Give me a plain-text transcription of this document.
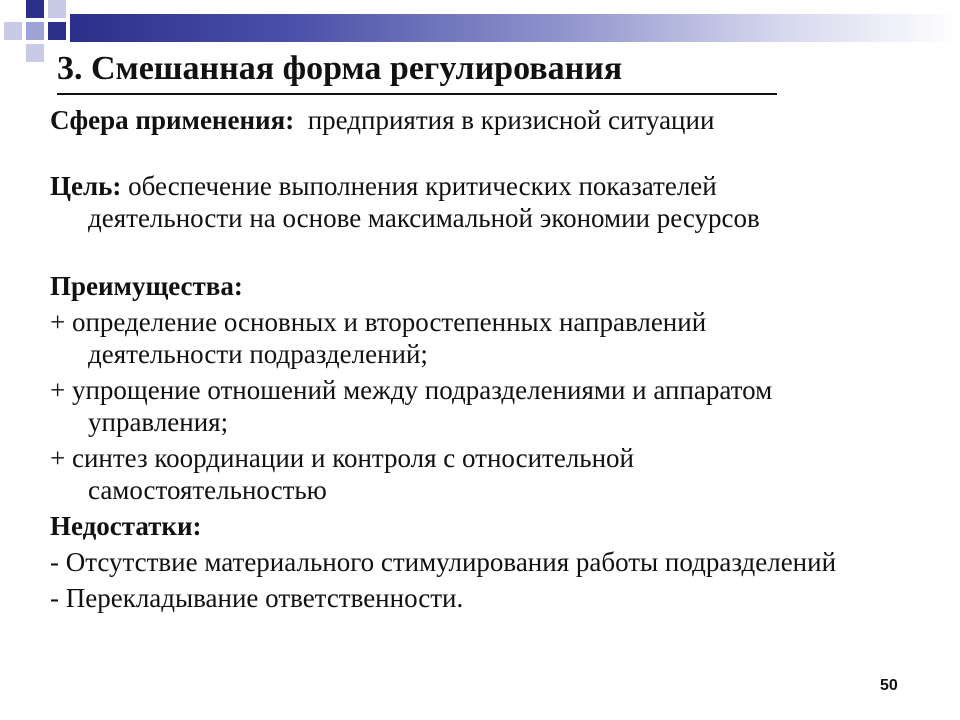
3. Смешанная форма регулирования
Сфера применения: предприятия в кризисной ситуации
Цель: обеспечение выполнения критических показателей
деятельности на основе максимальной экономии ресурсов
Преимущества:
+ определение основных и второстепенных направлений
деятельности подразделений;
+ упрощение отношений между подразделениями и аппаратом
управления;
+ синтез координации и контроля с относительной
самостоятельностью
Недостатки:
- Отсутствие материального стимулирования работы подразделений
- Перекладывание ответственности.
50
